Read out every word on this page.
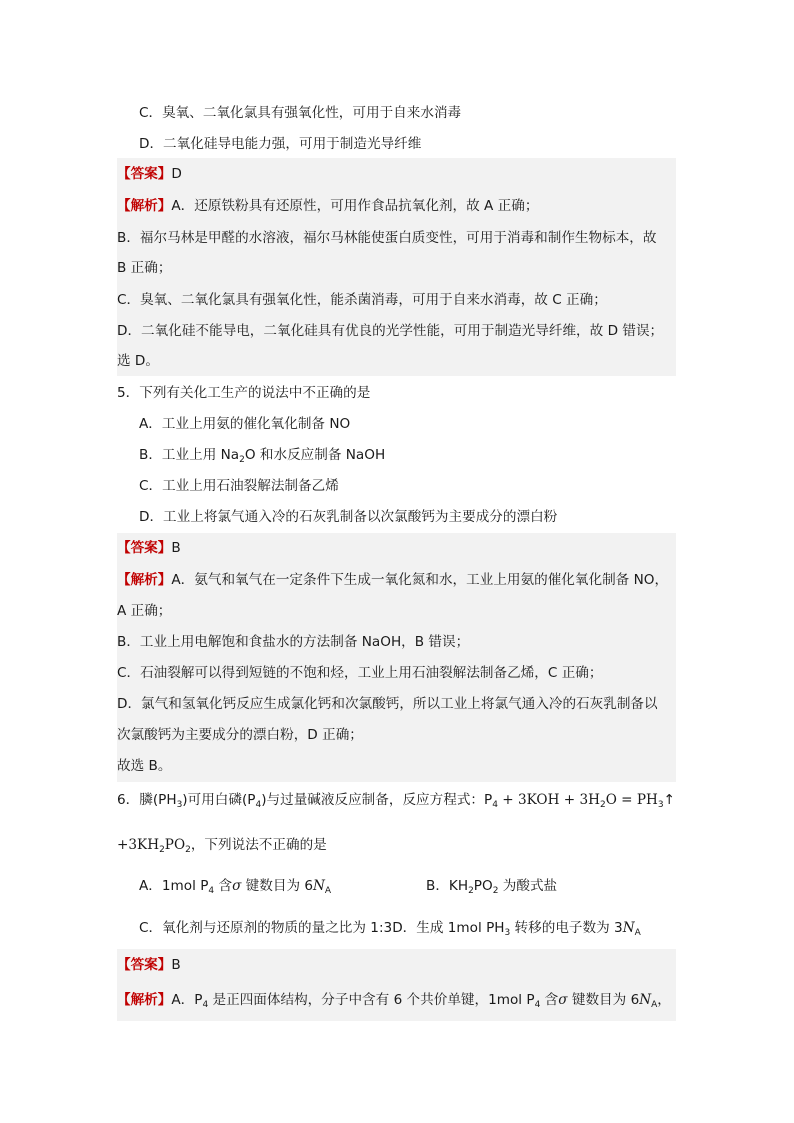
C．臭氧、二氧化氯具有强氧化性，可用于自来水消毒
D．二氧化硅导电能力强，可用于制造光导纤维
【答案】D
【解析】A．还原铁粉具有还原性，可用作食品抗氧化剂，故 A 正确；
B．福尔马林是甲醛的水溶液，福尔马林能使蛋白质变性，可用于消毒和制作生物标本，故
B 正确；
C．臭氧、二氧化氯具有强氧化性，能杀菌消毒，可用于自来水消毒，故 C 正确；
D．二氧化硅不能导电，二氧化硅具有优良的光学性能，可用于制造光导纤维，故 D 错误；
选 D。
5．下列有关化工生产的说法中不正确的是
A．工业上用氨的催化氧化制备 NO
B．工业上用 $Na_2O$ 和水反应制备 NaOH
C．工业上用石油裂解法制备乙烯
D．工业上将氯气通入冷的石灰乳制备以次氯酸钙为主要成分的漂白粉
【答案】B
【解析】A．氨气和氧气在一定条件下生成一氧化氮和水，工业上用氨的催化氧化制备 NO，
A 正确；
B．工业上用电解饱和食盐水的方法制备 NaOH，B 错误；
C．石油裂解可以得到短链的不饱和烃，工业上用石油裂解法制备乙烯，C 正确；
D．氯气和氢氧化钙反应生成氯化钙和次氯酸钙，所以工业上将氯气通入冷的石灰乳制备以
次氯酸钙为主要成分的漂白粉，D 正确；
故选 B。
6．膦$(PH_3)$可用白磷$(P_4)$与过量碱液反应制备，反应方程式：$P_4 + 3KOH + 3H_2O$ = $PH_3↑$
$+3KH_2PO_2$，下列说法不正确的是
A．1mol $P_4$ 含σ 键数目为 $6N_A$	B．$KH_2PO_2$ 为酸式盐
C．氧化剂与还原剂的物质的量之比为 1:3D．生成 1mol $PH_3$ 转移的电子数为 $3N_A$
【答案】B
【解析】A．$P_4$ 是正四面体结构，分子中含有 6 个共价单键，1mol $P_4$ 含σ 键数目为 $6N_A$，
